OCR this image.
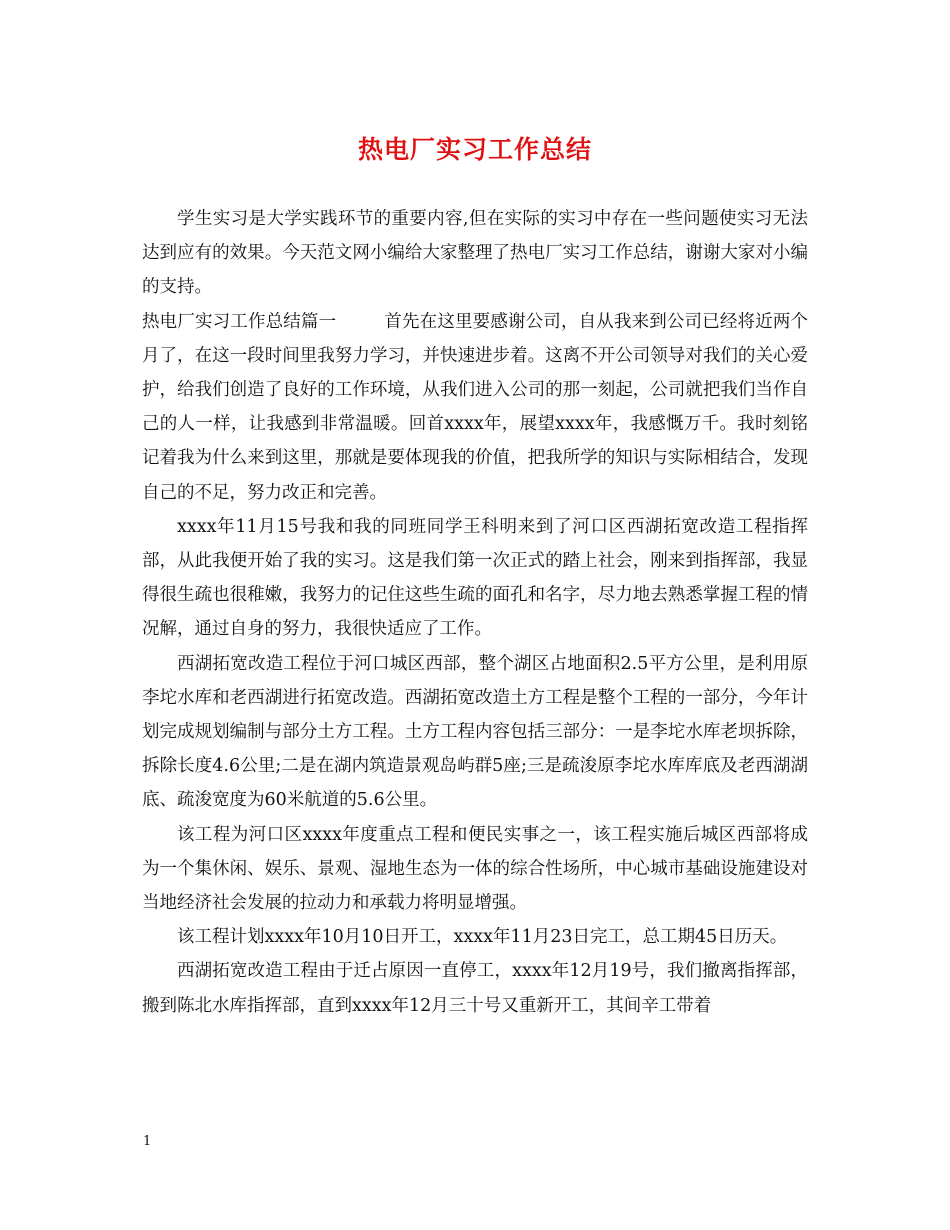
热电厂实习工作总结

学生实习是大学实践环节的重要内容,但在实际的实习中存在一些问题使实习无法达到应有的效果。今天范文网小编给大家整理了热电厂实习工作总结，谢谢大家对小编的支持。

热电厂实习工作总结篇一	首先在这里要感谢公司，自从我来到公司已经将近两个月了，在这一段时间里我努力学习，并快速进步着。这离不开公司领导对我们的关心爱护，给我们创造了良好的工作环境，从我们进入公司的那一刻起，公司就把我们当作自己的人一样，让我感到非常温暖。回首xxxx年，展望xxxx年，我感慨万千。我时刻铭记着我为什么来到这里，那就是要体现我的价值，把我所学的知识与实际相结合，发现自己的不足，努力改正和完善。

xxxx年11月15号我和我的同班同学王科明来到了河口区西湖拓宽改造工程指挥部，从此我便开始了我的实习。这是我们第一次正式的踏上社会，刚来到指挥部，我显得很生疏也很稚嫩，我努力的记住这些生疏的面孔和名字，尽力地去熟悉掌握工程的情况解，通过自身的努力，我很快适应了工作。

西湖拓宽改造工程位于河口城区西部，整个湖区占地面积2.5平方公里，是利用原李坨水库和老西湖进行拓宽改造。西湖拓宽改造土方工程是整个工程的一部分，今年计划完成规划编制与部分土方工程。土方工程内容包括三部分：一是李坨水库老坝拆除，拆除长度4.6公里;二是在湖内筑造景观岛屿群5座;三是疏浚原李坨水库库底及老西湖湖底、疏浚宽度为60米航道的5.6公里。

该工程为河口区xxxx年度重点工程和便民实事之一，该工程实施后城区西部将成为一个集休闲、娱乐、景观、湿地生态为一体的综合性场所，中心城市基础设施建设对当地经济社会发展的拉动力和承载力将明显增强。

该工程计划xxxx年10月10日开工，xxxx年11月23日完工，总工期45日历天。

西湖拓宽改造工程由于迁占原因一直停工，xxxx年12月19号，我们撤离指挥部，搬到陈北水库指挥部，直到xxxx年12月三十号又重新开工，其间辛工带着

1
